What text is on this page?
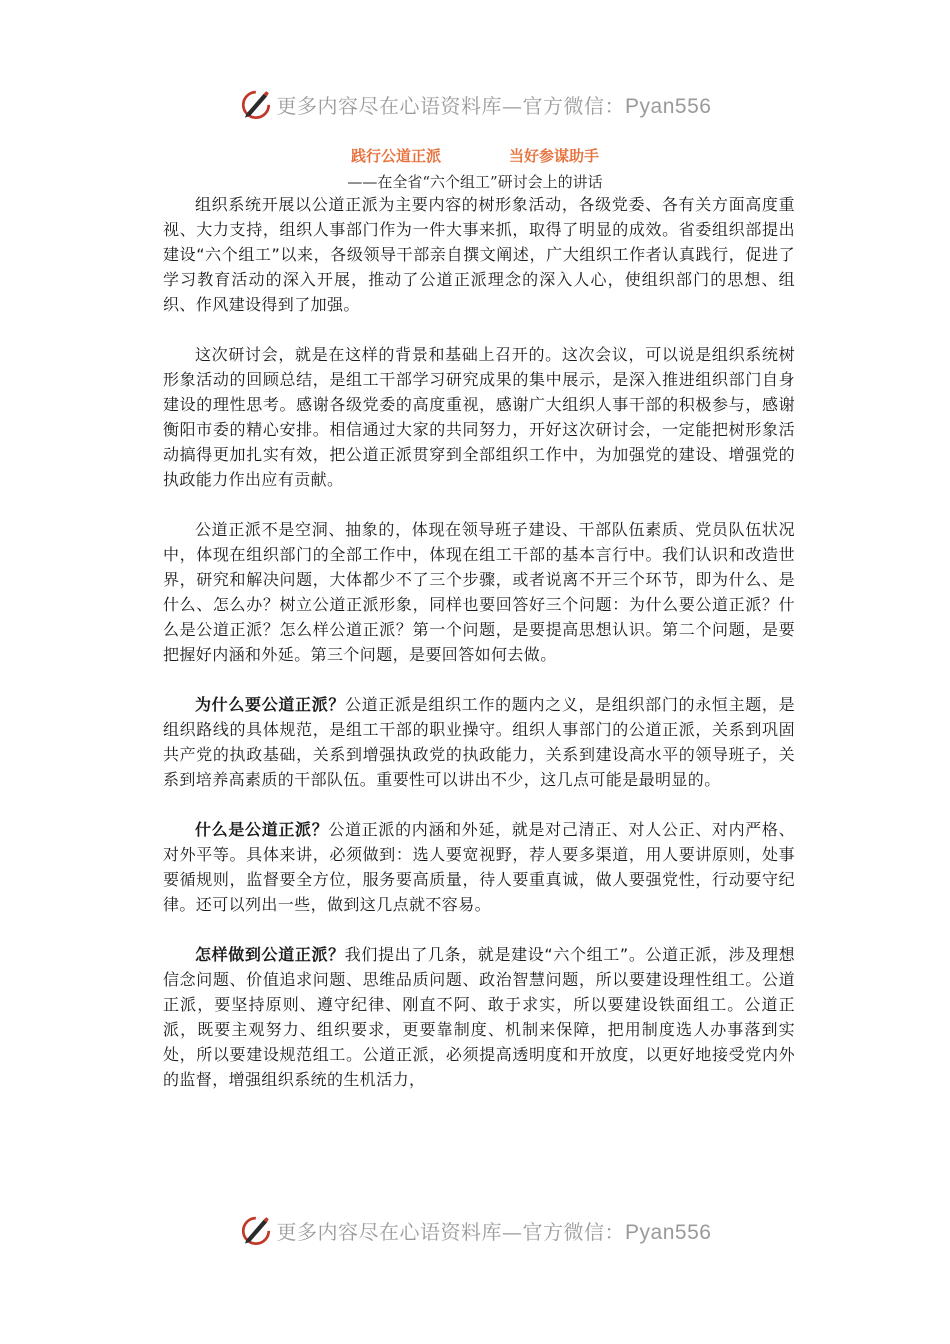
更多内容尽在心语资料库—官方微信：Pyan556
践行公道正派	当好参谋助手
——在全省“六个组工”研讨会上的讲话

组织系统开展以公道正派为主要内容的树形象活动，各级党委、各有关方面高度重视、大力支持，组织人事部门作为一件大事来抓，取得了明显的成效。省委组织部提出建设“六个组工”以来，各级领导干部亲自撰文阐述，广大组织工作者认真践行，促进了学习教育活动的深入开展，推动了公道正派理念的深入人心，使组织部门的思想、组织、作风建设得到了加强。

这次研讨会，就是在这样的背景和基础上召开的。这次会议，可以说是组织系统树形象活动的回顾总结，是组工干部学习研究成果的集中展示，是深入推进组织部门自身建设的理性思考。感谢各级党委的高度重视，感谢广大组织人事干部的积极参与，感谢衡阳市委的精心安排。相信通过大家的共同努力，开好这次研讨会，一定能把树形象活动搞得更加扎实有效，把公道正派贯穿到全部组织工作中，为加强党的建设、增强党的执政能力作出应有贡献。

公道正派不是空洞、抽象的，体现在领导班子建设、干部队伍素质、党员队伍状况中，体现在组织部门的全部工作中，体现在组工干部的基本言行中。我们认识和改造世界，研究和解决问题，大体都少不了三个步骤，或者说离不开三个环节，即为什么、是什么、怎么办？树立公道正派形象，同样也要回答好三个问题：为什么要公道正派？什么是公道正派？怎么样公道正派？第一个问题，是要提高思想认识。第二个问题，是要把握好内涵和外延。第三个问题，是要回答如何去做。

为什么要公道正派？公道正派是组织工作的题内之义，是组织部门的永恒主题，是组织路线的具体规范，是组工干部的职业操守。组织人事部门的公道正派，关系到巩固共产党的执政基础，关系到增强执政党的执政能力，关系到建设高水平的领导班子，关系到培养高素质的干部队伍。重要性可以讲出不少，这几点可能是最明显的。

什么是公道正派？公道正派的内涵和外延，就是对己清正、对人公正、对内严格、对外平等。具体来讲，必须做到：选人要宽视野，荐人要多渠道，用人要讲原则，处事要循规则，监督要全方位，服务要高质量，待人要重真诚，做人要强党性，行动要守纪律。还可以列出一些，做到这几点就不容易。

怎样做到公道正派？我们提出了几条，就是建设“六个组工”。公道正派，涉及理想信念问题、价值追求问题、思维品质问题、政治智慧问题，所以要建设理性组工。公道正派，要坚持原则、遵守纪律、刚直不阿、敢于求实，所以要建设铁面组工。公道正派，既要主观努力、组织要求，更要靠制度、机制来保障，把用制度选人办事落到实处，所以要建设规范组工。公道正派，必须提高透明度和开放度，以更好地接受党内外的监督，增强组织系统的生机活力，

更多内容尽在心语资料库—官方微信：Pyan556
